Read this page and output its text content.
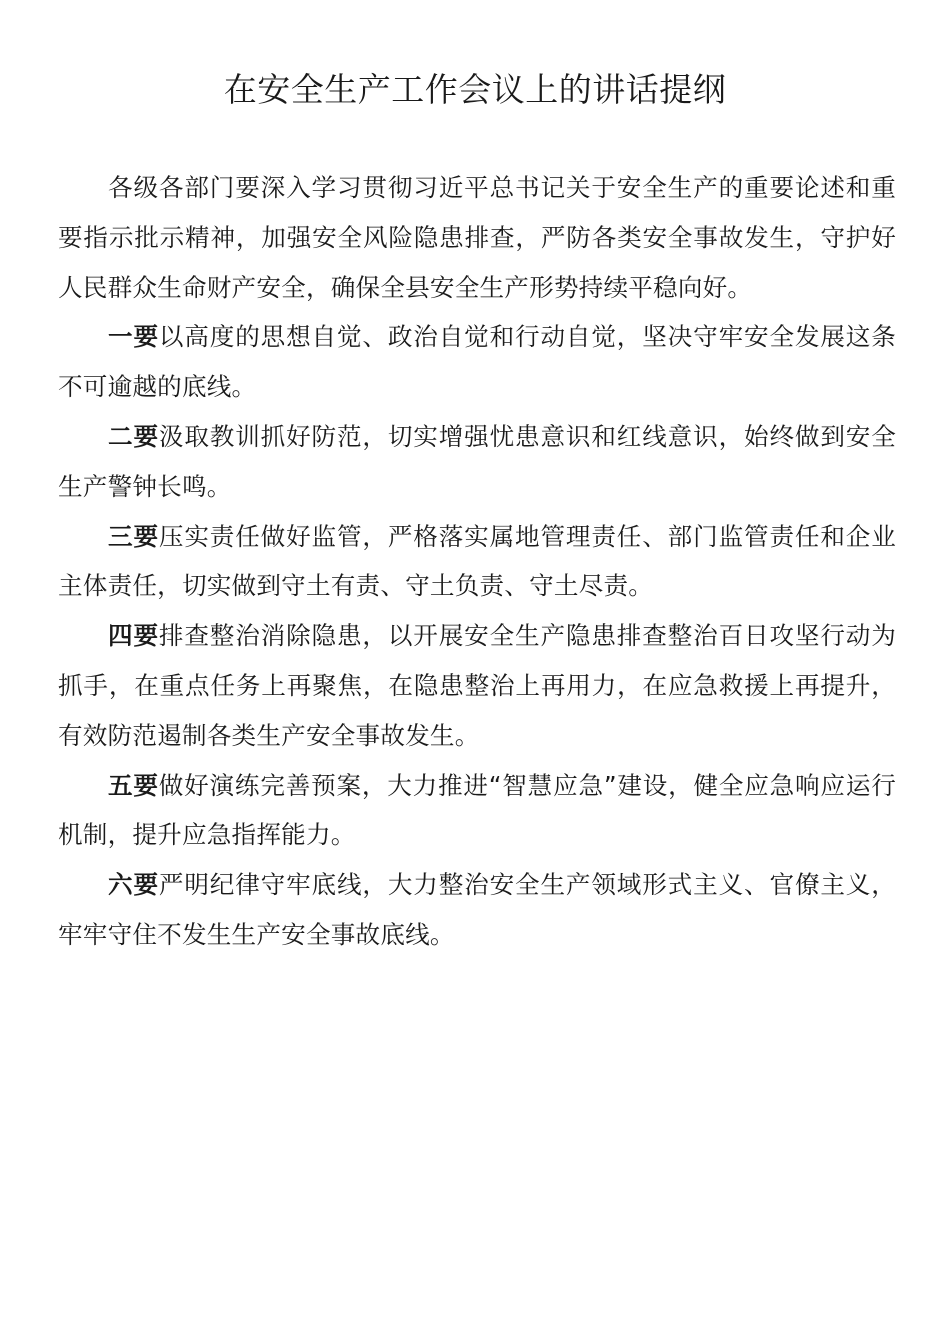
在安全生产工作会议上的讲话提纲

各级各部门要深入学习贯彻习近平总书记关于安全生产的重要论述和重要指示批示精神，加强安全风险隐患排查，严防各类安全事故发生，守护好人民群众生命财产安全，确保全县安全生产形势持续平稳向好。

一要以高度的思想自觉、政治自觉和行动自觉，坚决守牢安全发展这条不可逾越的底线。

二要汲取教训抓好防范，切实增强忧患意识和红线意识，始终做到安全生产警钟长鸣。

三要压实责任做好监管，严格落实属地管理责任、部门监管责任和企业主体责任，切实做到守土有责、守土负责、守土尽责。

四要排查整治消除隐患，以开展安全生产隐患排查整治百日攻坚行动为抓手，在重点任务上再聚焦，在隐患整治上再用力，在应急救援上再提升，有效防范遏制各类生产安全事故发生。

五要做好演练完善预案，大力推进“智慧应急”建设，健全应急响应运行机制，提升应急指挥能力。

六要严明纪律守牢底线，大力整治安全生产领域形式主义、官僚主义，牢牢守住不发生生产安全事故底线。
